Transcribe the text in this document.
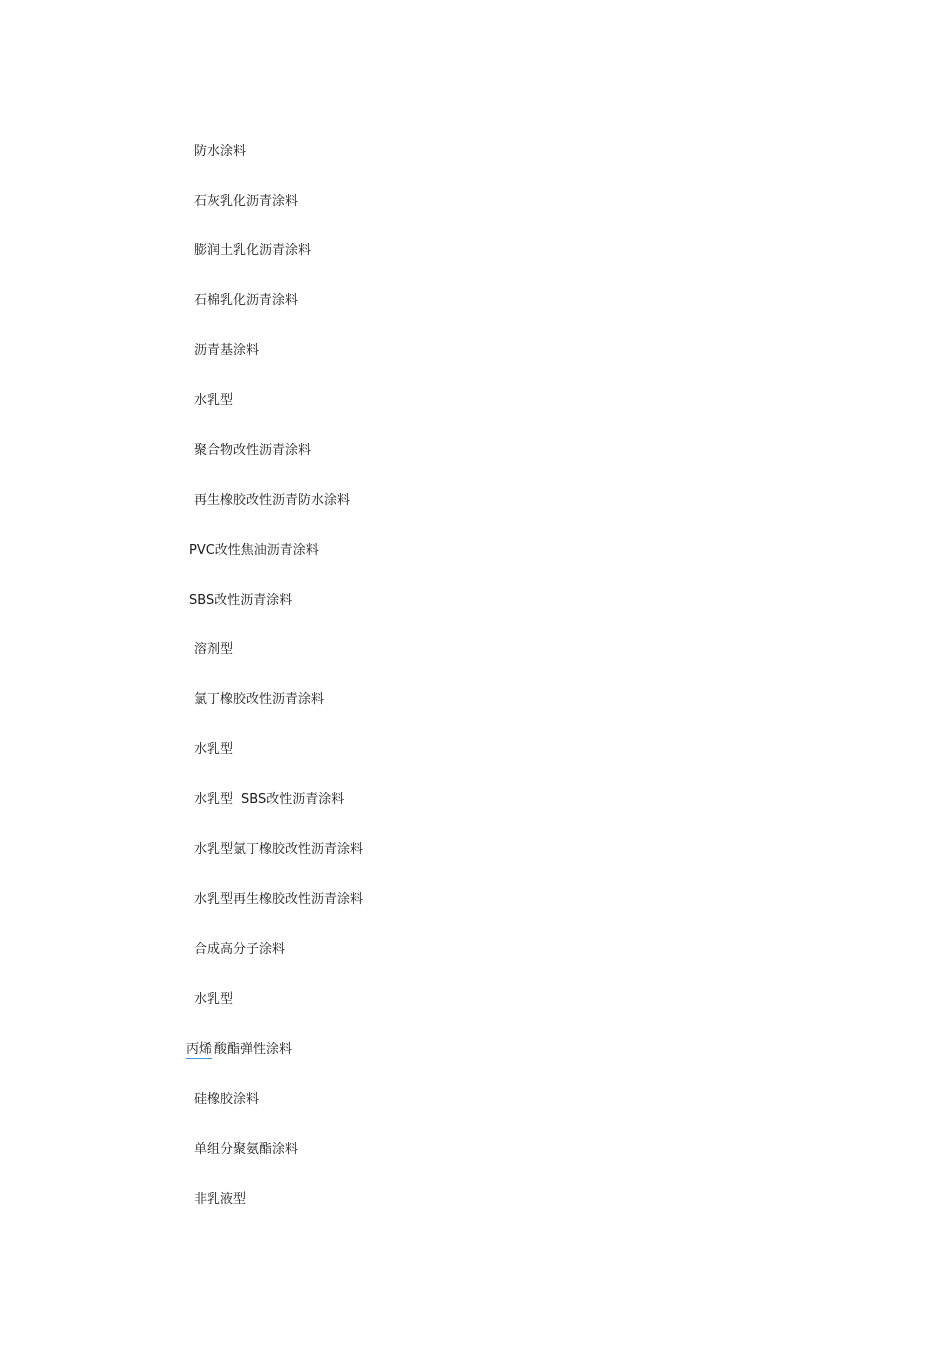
防水涂料
石灰乳化沥青涂料
膨润土乳化沥青涂料
石棉乳化沥青涂料
沥青基涂料
水乳型
聚合物改性沥青涂料
再生橡胶改性沥青防水涂料
PVC改性焦油沥青涂料
SBS改性沥青涂料
溶剂型
氯丁橡胶改性沥青涂料
水乳型
水乳型 SBS改性沥青涂料
水乳型氯丁橡胶改性沥青涂料
水乳型再生橡胶改性沥青涂料
合成高分子涂料
水乳型
丙烯 酸酯弹性涂料
硅橡胶涂料
单组分聚氨酯涂料
非乳液型
